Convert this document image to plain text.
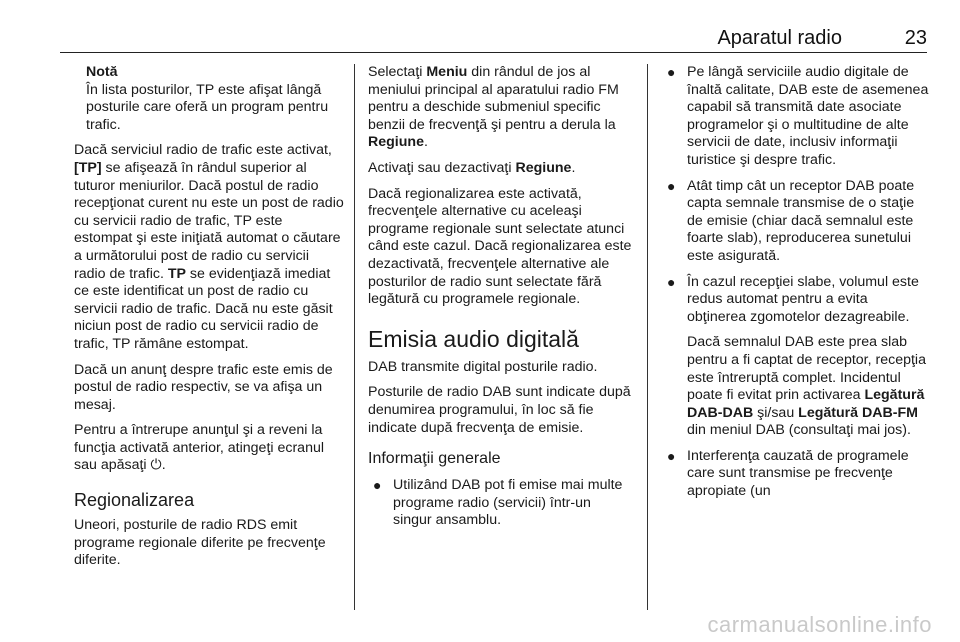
Aparatul radio	23
Notă
În lista posturilor, TP este afişat lângă posturile care oferă un program pentru trafic.

Dacă serviciul radio de trafic este activat, [TP] se afişează în rândul superior al tuturor meniurilor. Dacă postul de radio recepţionat curent nu este un post de radio cu servicii radio de trafic, TP este estompat şi este iniţiată automat o căutare a următorului post de radio cu servicii radio de trafic. TP se evidenţiază imediat ce este identificat un post de radio cu servicii radio de trafic. Dacă nu este găsit niciun post de radio cu servicii radio de trafic, TP rămâne estompat.

Dacă un anunţ despre trafic este emis de postul de radio respectiv, se va afişa un mesaj.

Pentru a întrerupe anunţul şi a reveni la funcţia activată anterior, atingeţi ecranul sau apăsaţi ⏻.

Regionalizarea

Uneori, posturile de radio RDS emit programe regionale diferite pe frecvenţe diferite.

Selectaţi Meniu din rândul de jos al meniului principal al aparatului radio FM pentru a deschide submeniul specific benzii de frecvenţă şi pentru a derula la Regiune.

Activaţi sau dezactivaţi Regiune.

Dacă regionalizarea este activată, frecvenţele alternative cu aceleaşi programe regionale sunt selectate atunci când este cazul. Dacă regionalizarea este dezactivată, frecvenţele alternative ale posturilor de radio sunt selectate fără legătură cu programele regionale.

Emisia audio digitală

DAB transmite digital posturile radio.

Posturile de radio DAB sunt indicate după denumirea programului, în loc să fie indicate după frecvenţa de emisie.

Informaţii generale
● Utilizând DAB pot fi emise mai multe programe radio (servicii) într-un singur ansamblu.
● Pe lângă serviciile audio digitale de înaltă calitate, DAB este de asemenea capabil să transmită date asociate programelor şi o multitudine de alte servicii de date, inclusiv informaţii turistice şi despre trafic.
● Atât timp cât un receptor DAB poate capta semnale transmise de o staţie de emisie (chiar dacă semnalul este foarte slab), reproducerea sunetului este asigurată.
● În cazul recepţiei slabe, volumul este redus automat pentru a evita obţinerea zgomotelor dezagreabile.
Dacă semnalul DAB este prea slab pentru a fi captat de receptor, recepţia este întreruptă complet. Incidentul poate fi evitat prin activarea Legătură DAB-DAB şi/sau Legătură DAB-FM din meniul DAB (consultaţi mai jos).
● Interferenţa cauzată de programele care sunt transmise pe frecvenţe apropiate (un
carmanualsonline.info
